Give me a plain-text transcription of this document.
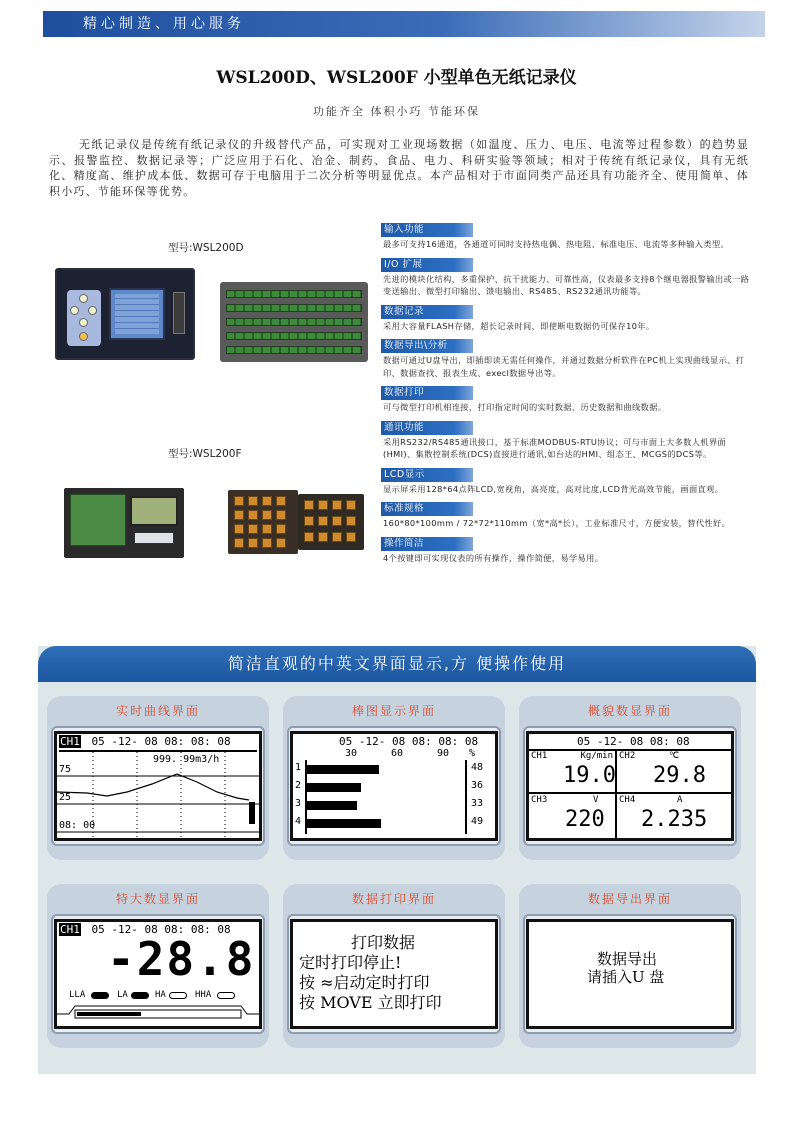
精心制造、用心服务
WSL200D、WSL200F 小型单色无纸记录仪
功能齐全 体积小巧 节能环保
无纸记录仪是传统有纸记录仪的升级替代产品，可实现对工业现场数据（如温度、压力、电压、电流等过程参数）的趋势显示、报警监控、数据记录等；广泛应用于石化、冶金、制药、食品、电力、科研实验等领域；相对于传统有纸记录仪，具有无纸化、精度高、维护成本低、数据可存于电脑用于二次分析等明显优点。本产品相对于市面同类产品还具有功能齐全、使用简单、体积小巧、节能环保等优势。
型号:WSL200D
型号:WSL200F
输入功能
最多可支持16通道，各通道可同时支持热电偶、热电阻、标准电压、电流等多种输入类型。
I/O 扩展
先进的模块化结构，多重保护、抗干扰能力、可靠性高，仪表最多支持8个继电器报警输出或一路变送输出、微型打印输出、馈电输出、RS485、RS232通讯功能等。
数据记录
采用大容量FLASH存储，超长记录时间，即使断电数据仍可保存10年。
数据导出\分析
数据可通过U盘导出，即插即读无需任何操作，并通过数据分析软件在PC机上实现曲线显示、打印、数据查找、报表生成、execl数据导出等。
数据打印
可与微型打印机相连接，打印指定时间的实时数据、历史数据和曲线数据。
通讯功能
采用RS232/RS485通讯接口，基于标准MODBUS-RTU协议；可与市面上大多数人机界面(HMI)、集散控制系统(DCS)直接进行通讯,如台达的HMI、组态王、MCGS的DCS等。
LCD显示
显示屏采用128*64点阵LCD,宽视角，高亮度，高对比度,LCD背光高效节能，画面直观。
标准规格
160*80*100mm / 72*72*110mm（宽*高*长），工业标准尺寸，方便安装，替代性好。
操作简洁
4个按键即可实现仪表的所有操作，操作简便，易学易用。
简洁直观的中英文界面显示,方 便操作使用
实时曲线界面
CH1 05 -12- 08 08: 08: 08
999. 99m3/h
75
25
08: 00
棒图显示界面
05 -12- 08 08: 08: 08
30	60	90 %
1	48
2	36
3	33
4	49
概貌数显界面
05 -12- 08 08: 08
CH1	Kg/min
19.0
CH2	℃
29.8
CH3	V
220
CH4	A
2.235
特大数显界面
CH1 05 -12- 08 08: 08: 08
-28.8
LLA	LA	HA	HHA
数据打印界面
打印数据
定时打印停止!
按 ≈启动定时打印
按 MOVE 立即打印
数据导出界面
数据导出
请插入U 盘
